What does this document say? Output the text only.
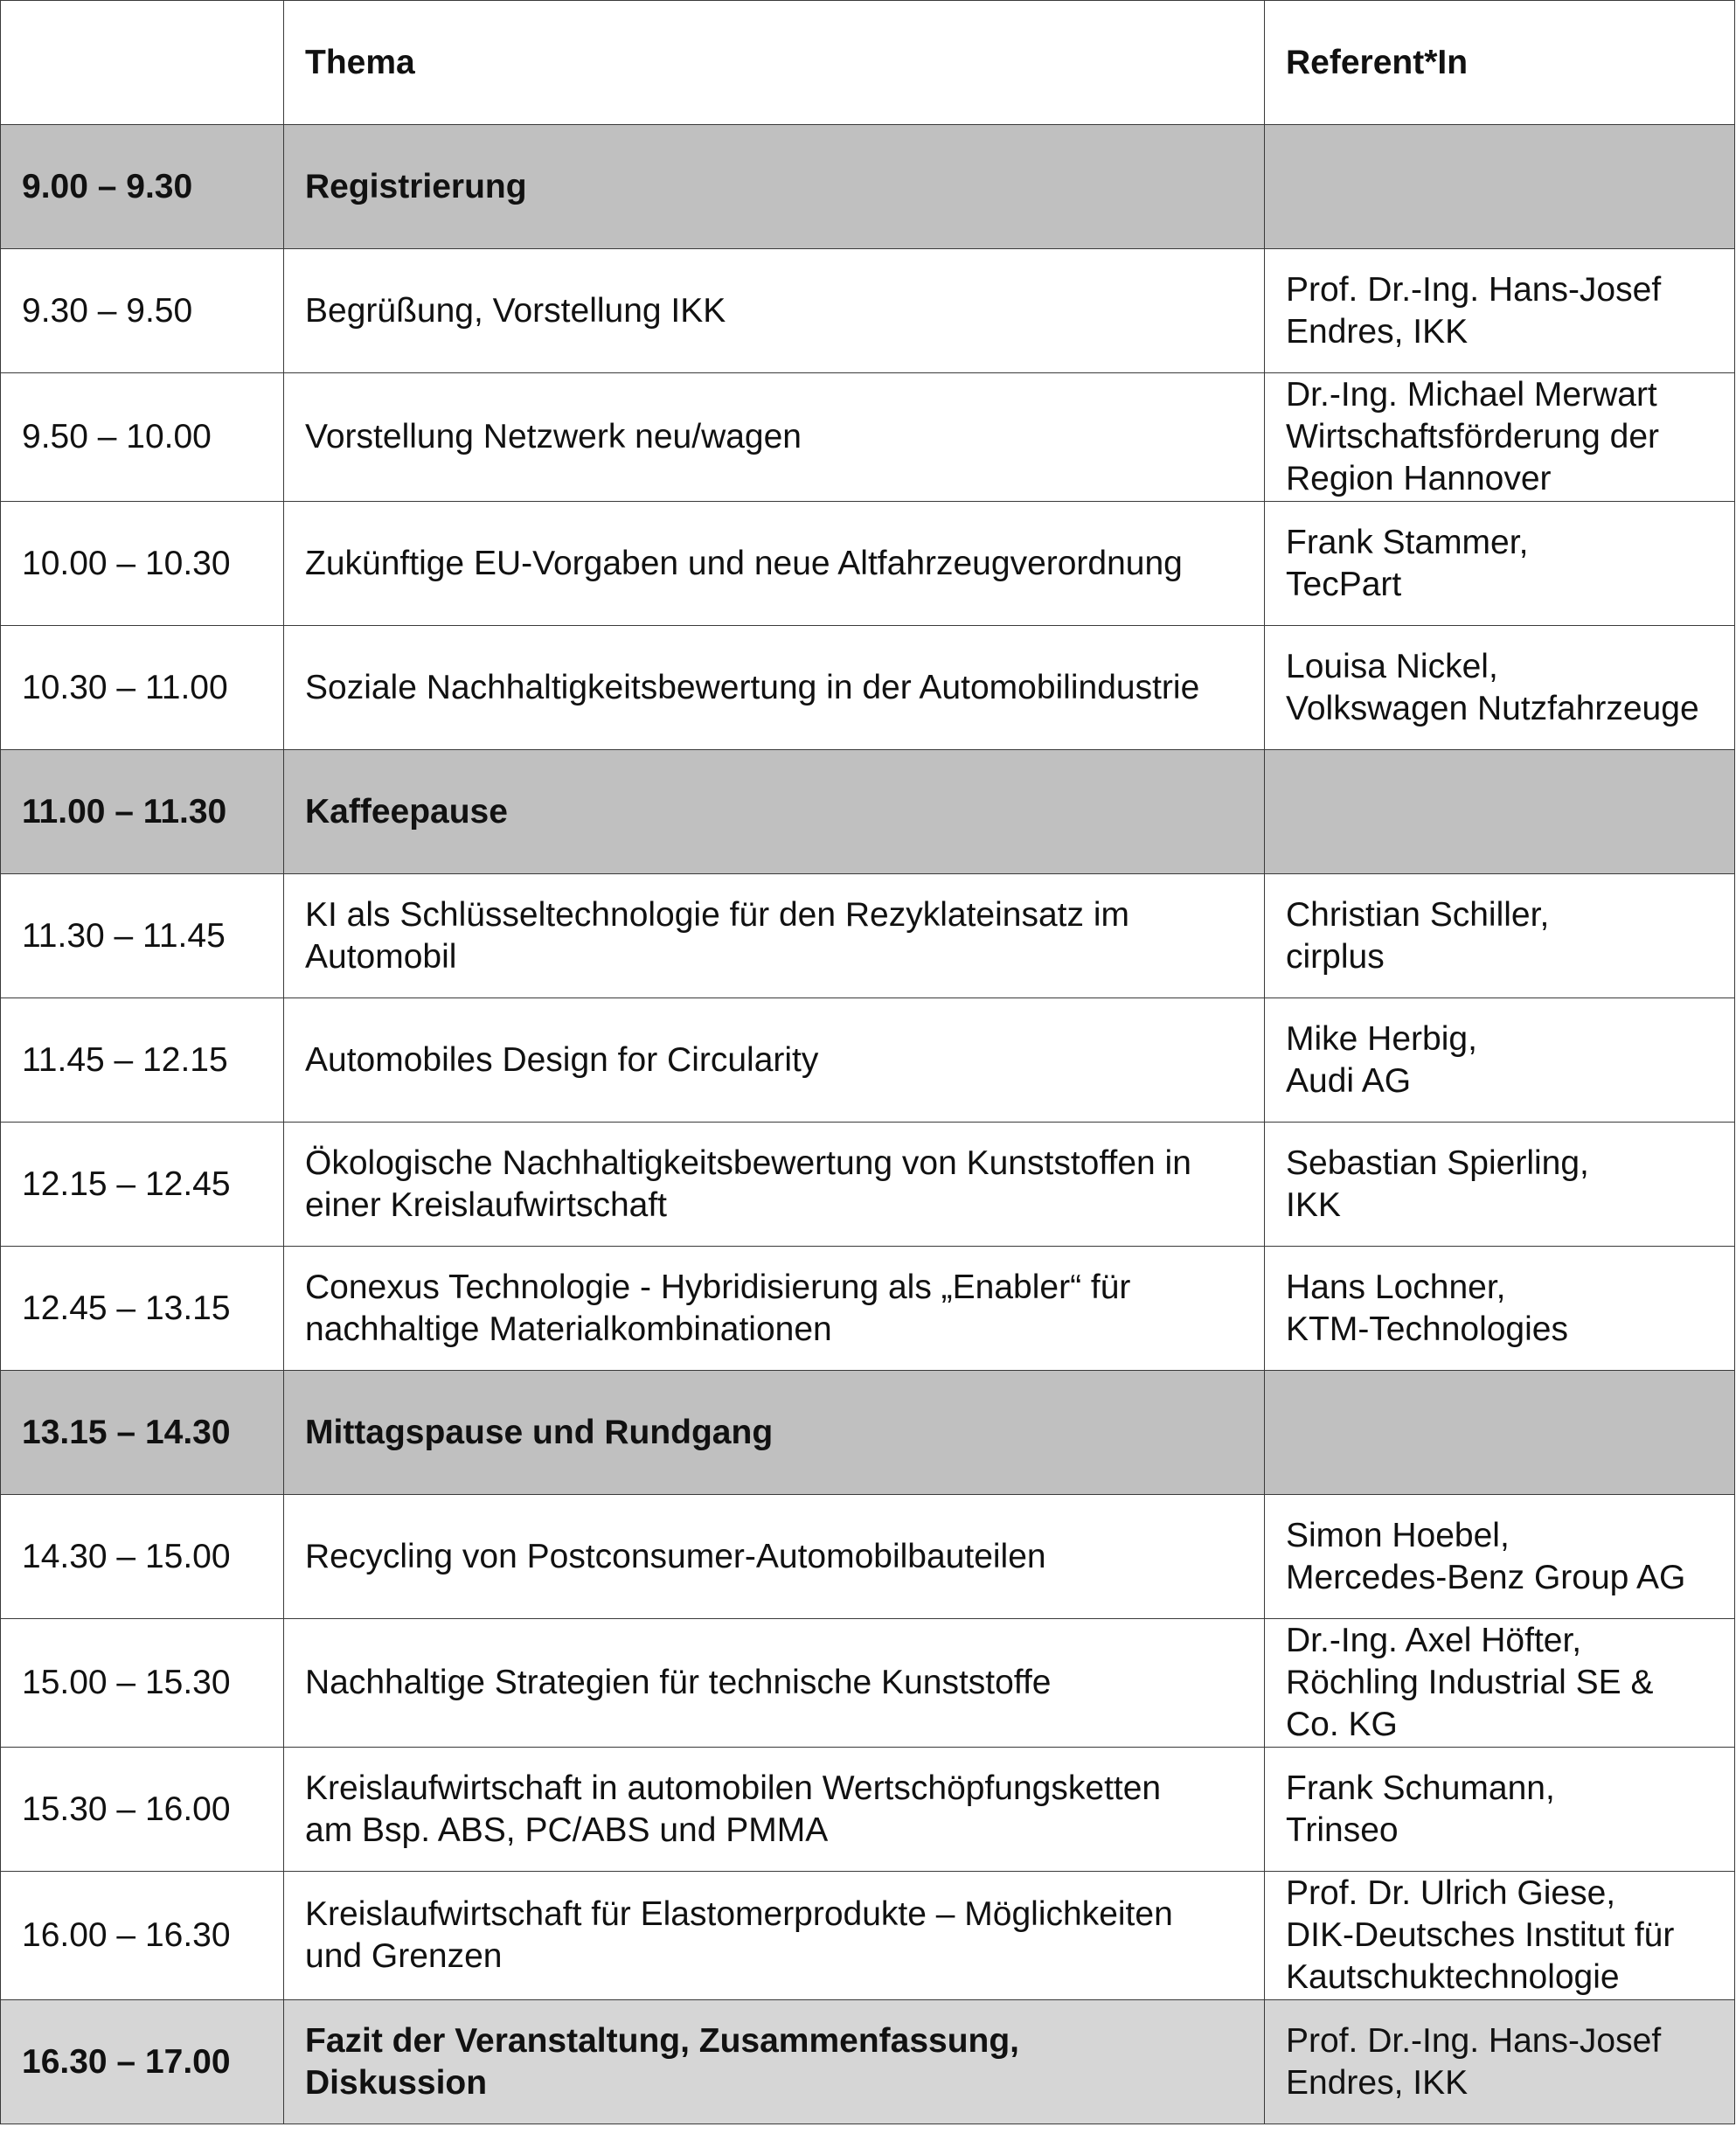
	Thema	Referent*In
9.00 – 9.30	Registrierung	

9.30 – 9.50	Begrüßung, Vorstellung IKK	Prof. Dr.-Ing. Hans-Josef
Endres, IKK

9.50 – 10.00	Vorstellung Netzwerk neu/wagen	Dr.-Ing. Michael Merwart
Wirtschaftsförderung der
Region Hannover

10.00 – 10.30	Zukünftige EU-Vorgaben und neue Altfahrzeugverordnung	Frank Stammer,
TecPart

10.30 – 11.00	Soziale Nachhaltigkeitsbewertung in der Automobilindustrie	Louisa Nickel,
Volkswagen Nutzfahrzeuge

11.00 – 11.30	Kaffeepause	

11.30 – 11.45	KI als Schlüsseltechnologie für den Rezyklateinsatz im
Automobil	Christian Schiller,
cirplus

11.45 – 12.15	Automobiles Design for Circularity	Mike Herbig,
Audi AG

12.15 – 12.45	Ökologische Nachhaltigkeitsbewertung von Kunststoffen in
einer Kreislaufwirtschaft	Sebastian Spierling,
IKK

12.45 – 13.15	Conexus Technologie - Hybridisierung als „Enabler“ für
nachhaltige Materialkombinationen	Hans Lochner,
KTM-Technologies

13.15 – 14.30	Mittagspause und Rundgang	

14.30 – 15.00	Recycling von Postconsumer-Automobilbauteilen	Simon Hoebel,
Mercedes-Benz Group AG

15.00 – 15.30	Nachhaltige Strategien für technische Kunststoffe	Dr.-Ing. Axel Höfter,
Röchling Industrial SE &
Co. KG

15.30 – 16.00	Kreislaufwirtschaft in automobilen Wertschöpfungsketten
am Bsp. ABS, PC/ABS und PMMA	Frank Schumann,
Trinseo

16.00 – 16.30	Kreislaufwirtschaft für Elastomerprodukte – Möglichkeiten
und Grenzen	Prof. Dr. Ulrich Giese,
DIK-Deutsches Institut für
Kautschuktechnologie

16.30 – 17.00	Fazit der Veranstaltung, Zusammenfassung,
Diskussion	Prof. Dr.-Ing. Hans-Josef
Endres, IKK
